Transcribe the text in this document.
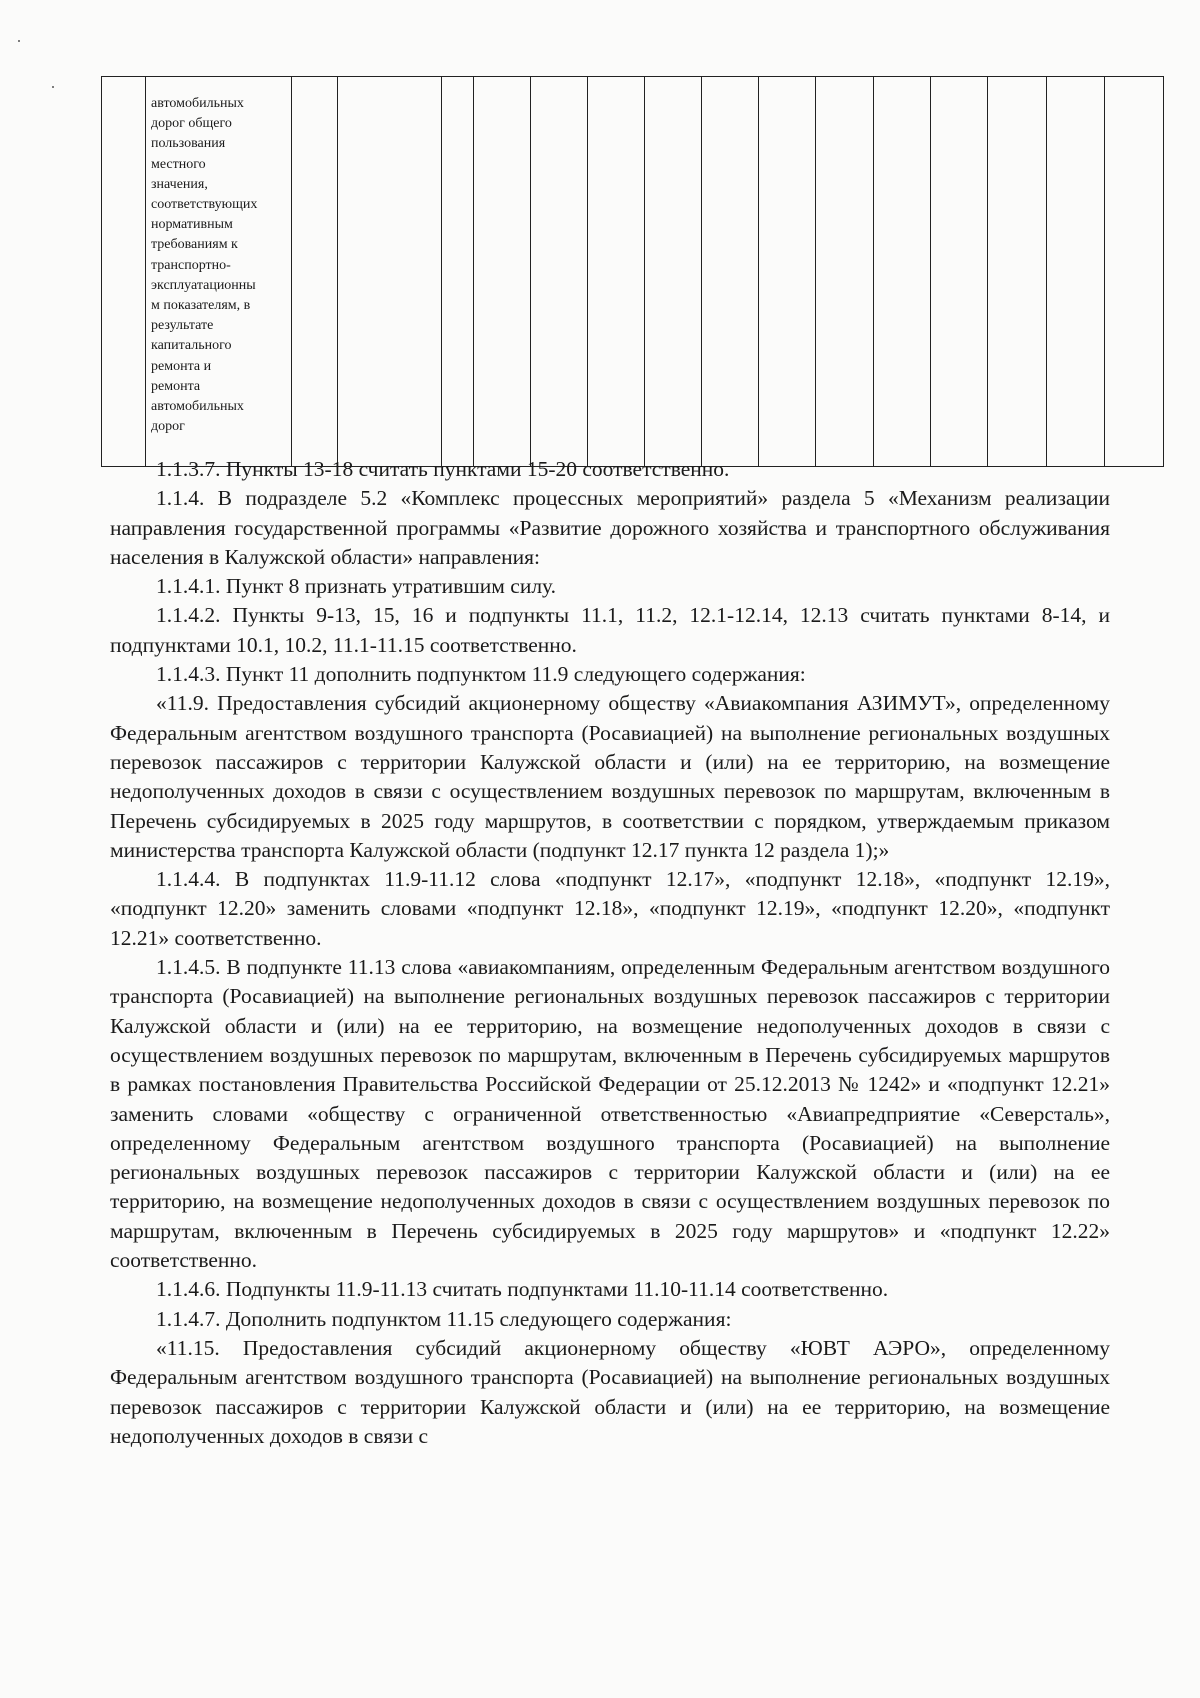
автомобильных
дорог общего
пользования
местного
значения,
соответствующих
нормативным
требованиям к
транспортно-
эксплуатационны
м показателям, в
результате
капитального
ремонта и
ремонта
автомобильных
дорог

1.1.3.7. Пункты 13-18 считать пунктами 15-20 соответственно.

1.1.4. В подразделе 5.2 «Комплекс процессных мероприятий» раздела 5 «Механизм реализации направления государственной программы «Развитие дорожного хозяйства и транспортного обслуживания населения в Калужской области» направления:

1.1.4.1. Пункт 8 признать утратившим силу.

1.1.4.2. Пункты 9-13, 15, 16 и подпункты 11.1, 11.2, 12.1-12.14, 12.13 считать пунктами 8-14, и подпунктами 10.1, 10.2, 11.1-11.15 соответственно.

1.1.4.3. Пункт 11 дополнить подпунктом 11.9 следующего содержания:

«11.9. Предоставления субсидий акционерному обществу «Авиакомпания АЗИМУТ», определенному Федеральным агентством воздушного транспорта (Росавиацией) на выполнение региональных воздушных перевозок пассажиров с территории Калужской области и (или) на ее территорию, на возмещение недополученных доходов в связи с осуществлением воздушных перевозок по маршрутам, включенным в Перечень субсидируемых в 2025 году маршрутов, в соответствии с порядком, утверждаемым приказом министерства транспорта Калужской области (подпункт 12.17 пункта 12 раздела 1);»

1.1.4.4. В подпунктах 11.9-11.12 слова «подпункт 12.17», «подпункт 12.18», «подпункт 12.19», «подпункт 12.20» заменить словами «подпункт 12.18», «подпункт 12.19», «подпункт 12.20», «подпункт 12.21» соответственно.

1.1.4.5. В подпункте 11.13 слова «авиакомпаниям, определенным Федеральным агентством воздушного транспорта (Росавиацией) на выполнение региональных воздушных перевозок пассажиров с территории Калужской области и (или) на ее территорию, на возмещение недополученных доходов в связи с осуществлением воздушных перевозок по маршрутам, включенным в Перечень субсидируемых маршрутов в рамках постановления Правительства Российской Федерации от 25.12.2013 № 1242» и «подпункт 12.21» заменить словами «обществу с ограниченной ответственностью «Авиапредприятие «Северсталь», определенному Федеральным агентством воздушного транспорта (Росавиацией) на выполнение региональных воздушных перевозок пассажиров с территории Калужской области и (или) на ее территорию, на возмещение недополученных доходов в связи с осуществлением воздушных перевозок по маршрутам, включенным в Перечень субсидируемых в 2025 году маршрутов» и «подпункт 12.22» соответственно.

1.1.4.6. Подпункты 11.9-11.13 считать подпунктами 11.10-11.14 соответственно.

1.1.4.7. Дополнить подпунктом 11.15 следующего содержания:

«11.15. Предоставления субсидий акционерному обществу «ЮВТ АЭРО», определенному Федеральным агентством воздушного транспорта (Росавиацией) на выполнение региональных воздушных перевозок пассажиров с территории Калужской области и (или) на ее территорию, на возмещение недополученных доходов в связи с
